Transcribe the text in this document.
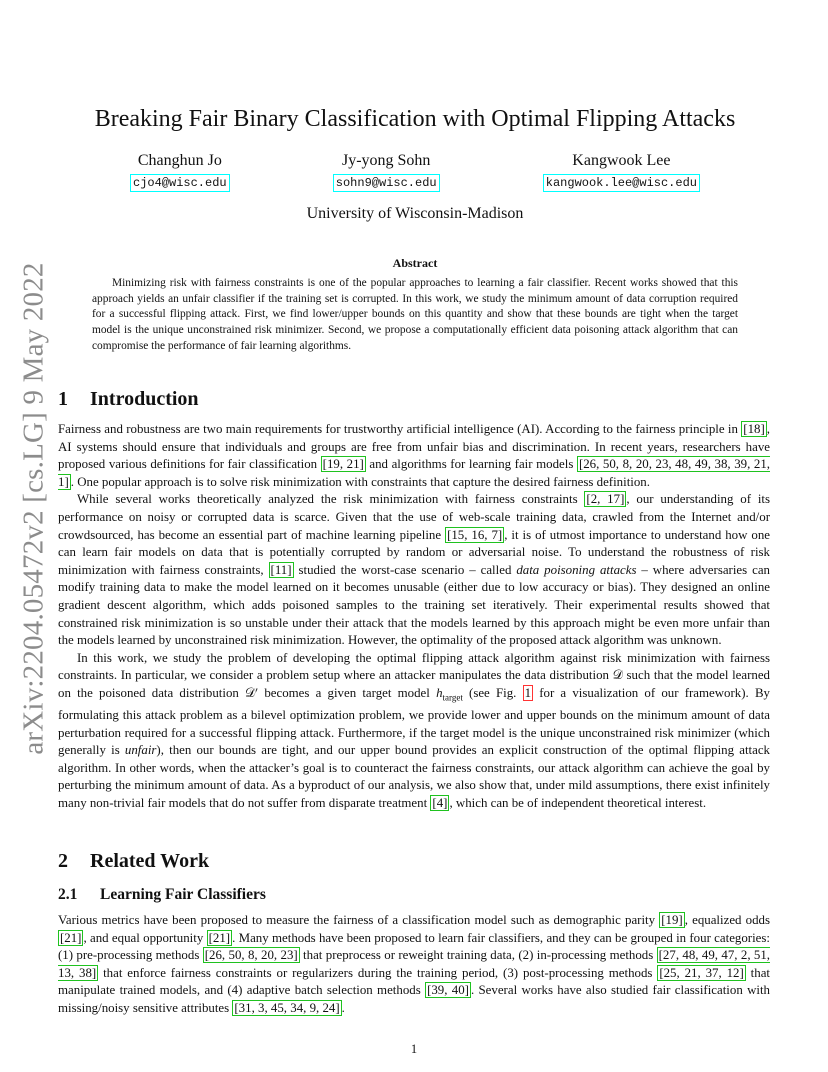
arXiv:2204.05472v2 [cs.LG] 9 May 2022
Breaking Fair Binary Classification with Optimal Flipping Attacks
Changhun Jo
cjo4@wisc.edu
Jy-yong Sohn
sohn9@wisc.edu
Kangwook Lee
kangwook.lee@wisc.edu
University of Wisconsin-Madison
Abstract

Minimizing risk with fairness constraints is one of the popular approaches to learning a fair classifier. Recent works showed that this approach yields an unfair classifier if the training set is corrupted. In this work, we study the minimum amount of data corruption required for a successful flipping attack. First, we find lower/upper bounds on this quantity and show that these bounds are tight when the target model is the unique unconstrained risk minimizer. Second, we propose a computationally efficient data poisoning attack algorithm that can compromise the performance of fair learning algorithms.

1 Introduction

Fairness and robustness are two main requirements for trustworthy artificial intelligence (AI). According to the fairness principle in [18] , AI systems should ensure that individuals and groups are free from unfair bias and discrimination. In recent years, researchers have proposed various definitions for fair classification [19, 21] and algorithms for learning fair models [26, 50, 8, 20, 23, 48, 49, 38, 39, 21, 1] . One popular approach is to solve risk minimization with constraints that capture the desired fairness definition.

While several works theoretically analyzed the risk minimization with fairness constraints [2, 17] , our understanding of its performance on noisy or corrupted data is scarce. Given that the use of web-scale training data, crawled from the Internet and/or crowdsourced, has become an essential part of machine learning pipeline [15, 16, 7] , it is of utmost importance to understand how one can learn fair models on data that is potentially corrupted by random or adversarial noise. To understand the robustness of risk minimization with fairness constraints, [11] studied the worst-case scenario – called data poisoning attacks – where adversaries can modify training data to make the model learned on it becomes unusable (either due to low accuracy or bias). They designed an online gradient descent algorithm, which adds poisoned samples to the training set iteratively. Their experimental results showed that constrained risk minimization is so unstable under their attack that the models learned by this approach might be even more unfair than the models learned by unconstrained risk minimization. However, the optimality of the proposed attack algorithm was unknown.

In this work, we study the problem of developing the optimal flipping attack algorithm against risk minimization with fairness constraints. In particular, we consider a problem setup where an attacker manipulates the data distribution 𝒟 such that the model learned on the poisoned data distribution 𝒟′ becomes a given target model $h_{target}$ (see Fig. 1 for a visualization of our framework). By formulating this attack problem as a bilevel optimization problem, we provide lower and upper bounds on the minimum amount of data perturbation required for a successful flipping attack. Furthermore, if the target model is the unique unconstrained risk minimizer (which generally is unfair), then our bounds are tight, and our upper bound provides an explicit construction of the optimal flipping attack algorithm. In other words, when the attacker’s goal is to counteract the fairness constraints, our attack algorithm can achieve the goal by perturbing the minimum amount of data. As a byproduct of our analysis, we also show that, under mild assumptions, there exist infinitely many non-trivial fair models that do not suffer from disparate treatment [4] , which can be of independent theoretical interest.

2 Related Work
2.1 Learning Fair Classifiers

Various metrics have been proposed to measure the fairness of a classification model such as demographic parity [19] , equalized odds [21] , and equal opportunity [21] . Many methods have been proposed to learn fair classifiers, and they can be grouped in four categories: (1) pre-processing methods [26, 50, 8, 20, 23] that preprocess or reweight training data, (2) in-processing methods [27, 48, 49, 47, 2, 51, 13, 38] that enforce fairness constraints or regularizers during the training period, (3) post-processing methods [25, 21, 37, 12] that manipulate trained models, and (4) adaptive batch selection methods [39, 40] . Several works have also studied fair classification with missing/noisy sensitive attributes [31, 3, 45, 34, 9, 24] .

1
